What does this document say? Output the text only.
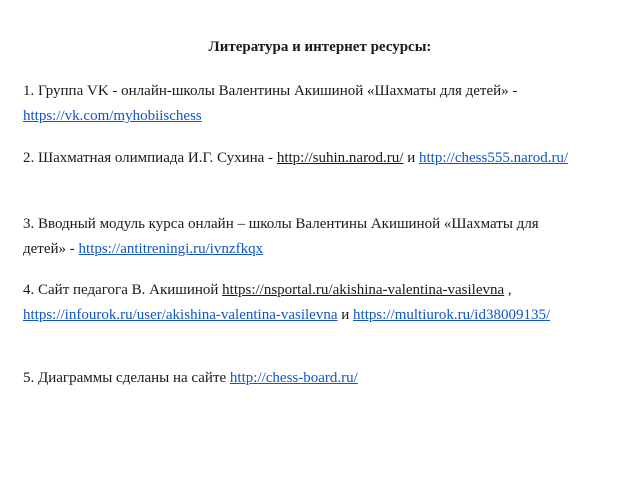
Литература и интернет ресурсы:
1. Группа VK - онлайн-школы Валентины Акишиной «Шахматы для детей» -
https://vk.com/myhobiischess
2. Шахматная олимпиада И.Г. Сухина - http://suhin.narod.ru/ и http://chess555.narod.ru/
3. Вводный модуль курса онлайн – школы Валентины Акишиной «Шахматы для
детей» - https://antitreningi.ru/ivnzfkqx
4. Сайт педагога В. Акишиной https://nsportal.ru/akishina-valentina-vasilevna ,
https://infourok.ru/user/akishina-valentina-vasilevna и https://multiurok.ru/id38009135/
5. Диаграммы сделаны на сайте http://chess-board.ru/
